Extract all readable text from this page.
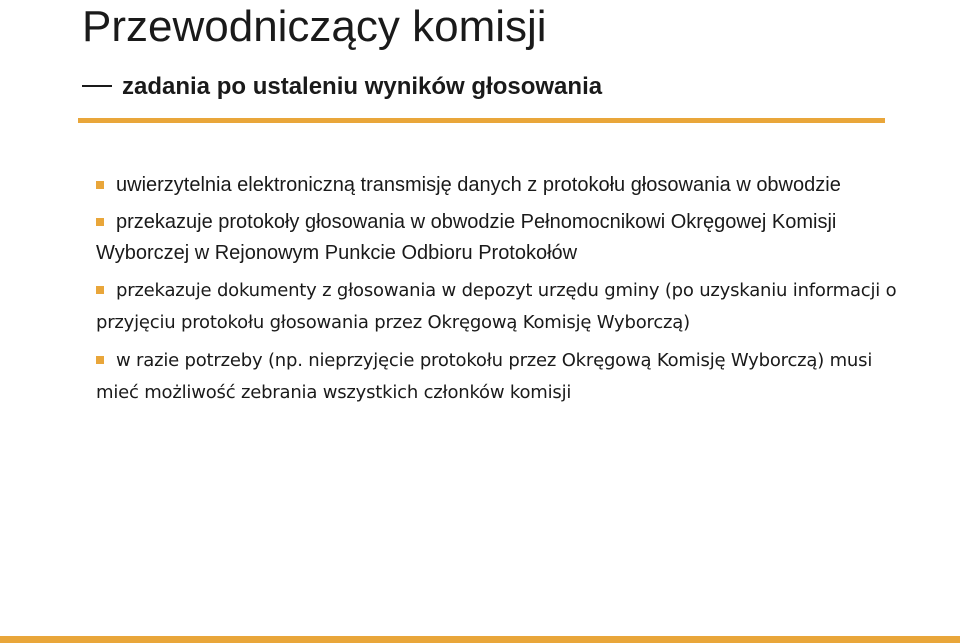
Przewodniczący komisji
zadania po ustaleniu wyników głosowania
uwierzytelnia elektroniczną transmisję danych z protokołu głosowania w obwodzie
przekazuje protokoły głosowania w obwodzie Pełnomocnikowi Okręgowej Komisji Wyborczej w Rejonowym Punkcie Odbioru Protokołów
przekazuje dokumenty z głosowania w depozyt urzędu gminy (po uzyskaniu informacji o przyjęciu protokołu głosowania przez Okręgową Komisję Wyborczą)
w razie potrzeby (np. nieprzyjęcie protokołu przez Okręgową Komisję Wyborczą) musi mieć możliwość zebrania wszystkich członków komisji
